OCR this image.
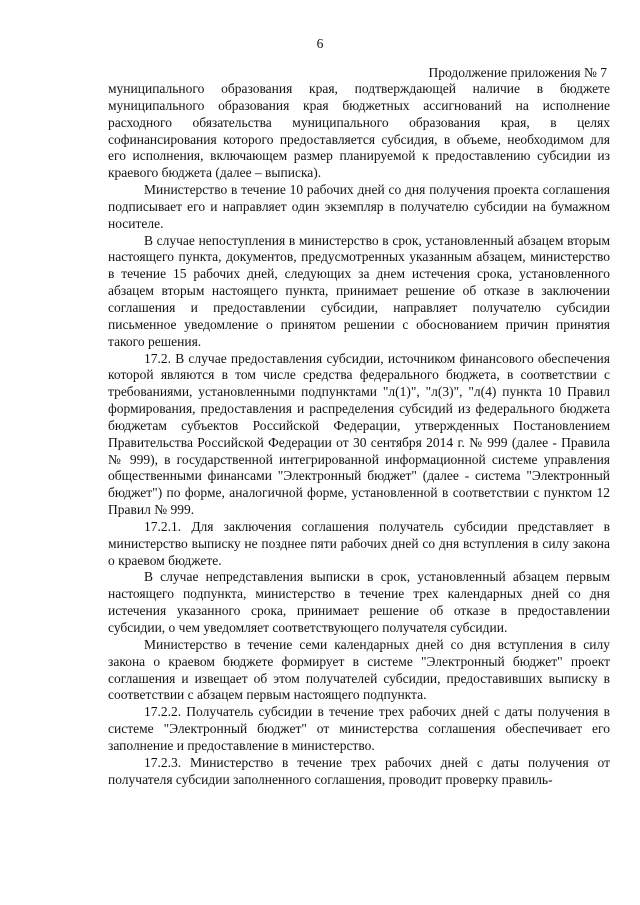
6
Продолжение приложения № 7

муниципального образования края, подтверждающей наличие в бюджете муниципального образования края бюджетных ассигнований на исполнение расходного обязательства муниципального образования края, в целях софинансирования которого предоставляется субсидия, в объеме, необходимом для его исполнения, включающем размер планируемой к предоставлению субсидии из краевого бюджета (далее – выписка).

Министерство в течение 10 рабочих дней со дня получения проекта соглашения подписывает его и направляет один экземпляр в получателю субсидии на бумажном носителе.

В случае непоступления в министерство в срок, установленный абзацем вторым настоящего пункта, документов, предусмотренных указанным абзацем, министерство в течение 15 рабочих дней, следующих за днем истечения срока, установленного абзацем вторым настоящего пункта, принимает решение об отказе в заключении соглашения и предоставлении субсидии, направляет получателю субсидии письменное уведомление о принятом решении с обоснованием причин принятия такого решения.

17.2. В случае предоставления субсидии, источником финансового обеспечения которой являются в том числе средства федерального бюджета, в соответствии с требованиями, установленными подпунктами "л(1)", "л(3)", "л(4) пункта 10 Правил формирования, предоставления и распределения субсидий из федерального бюджета бюджетам субъектов Российской Федерации, утвержденных Постановлением Правительства Российской Федерации от 30 сентября 2014 г. № 999 (далее - Правила № 999), в государственной интегрированной информационной системе управления общественными финансами "Электронный бюджет" (далее - система "Электронный бюджет") по форме, аналогичной форме, установленной в соответствии с пунктом 12 Правил № 999.

17.2.1. Для заключения соглашения получатель субсидии представляет в министерство выписку не позднее пяти рабочих дней со дня вступления в силу закона о краевом бюджете.

В случае непредставления выписки в срок, установленный абзацем первым настоящего подпункта, министерство в течение трех календарных дней со дня истечения указанного срока, принимает решение об отказе в предоставлении субсидии, о чем уведомляет соответствующего получателя субсидии.

Министерство в течение семи календарных дней со дня вступления в силу закона о краевом бюджете формирует в системе "Электронный бюджет" проект соглашения и извещает об этом получателей субсидии, предоставивших выписку в соответствии с абзацем первым настоящего подпункта.

17.2.2. Получатель субсидии в течение трех рабочих дней с даты получения в системе "Электронный бюджет" от министерства соглашения обеспечивает его заполнение и предоставление в министерство.

17.2.3. Министерство в течение трех рабочих дней с даты получения от получателя субсидии заполненного соглашения, проводит проверку правиль-
